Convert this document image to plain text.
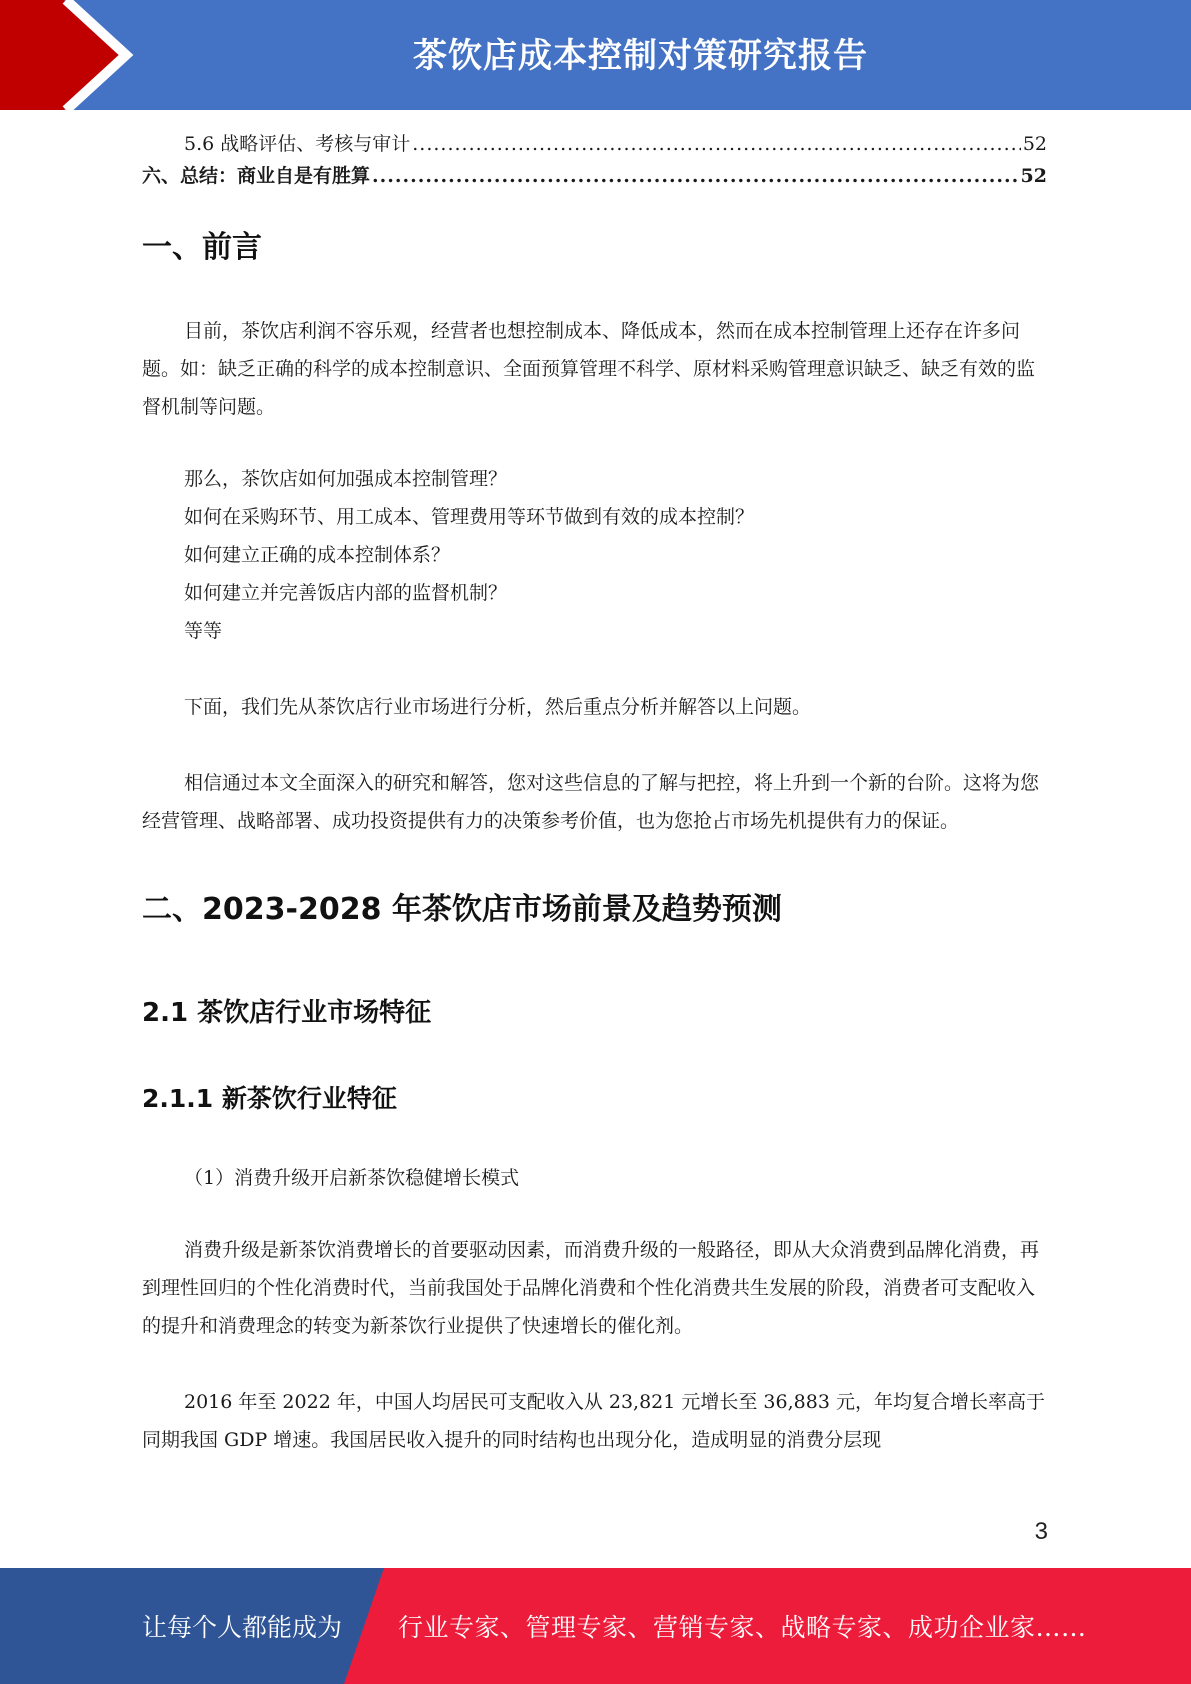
茶饮店成本控制对策研究报告
5.6 战略评估、考核与审计 .....	52
六、总结：商业自是有胜算 .....	52
一、前言

目前，茶饮店利润不容乐观，经营者也想控制成本、降低成本，然而在成本控制管理上还存在许多问题。如：缺乏正确的科学的成本控制意识、全面预算管理不科学、原材料采购管理意识缺乏、缺乏有效的监督机制等问题。

那么，茶饮店如何加强成本控制管理？
如何在采购环节、用工成本、管理费用等环节做到有效的成本控制？
如何建立正确的成本控制体系？
如何建立并完善饭店内部的监督机制？
等等

下面，我们先从茶饮店行业市场进行分析，然后重点分析并解答以上问题。

相信通过本文全面深入的研究和解答，您对这些信息的了解与把控，将上升到一个新的台阶。这将为您经营管理、战略部署、成功投资提供有力的决策参考价值，也为您抢占市场先机提供有力的保证。

二、2023-2028 年茶饮店市场前景及趋势预测
2.1 茶饮店行业市场特征
2.1.1 新茶饮行业特征
（1）消费升级开启新茶饮稳健增长模式

消费升级是新茶饮消费增长的首要驱动因素，而消费升级的一般路径，即从大众消费到品牌化消费，再到理性回归的个性化消费时代，当前我国处于品牌化消费和个性化消费共生发展的阶段，消费者可支配收入的提升和消费理念的转变为新茶饮行业提供了快速增长的催化剂。

2016 年至 2022 年，中国人均居民可支配收入从 23,821 元增长至 36,883 元，年均复合增长率高于同期我国 GDP 增速。我国居民收入提升的同时结构也出现分化，造成明显的消费分层现

3
让每个人都能成为 行业专家、管理专家、营销专家、战略专家、成功企业家……
